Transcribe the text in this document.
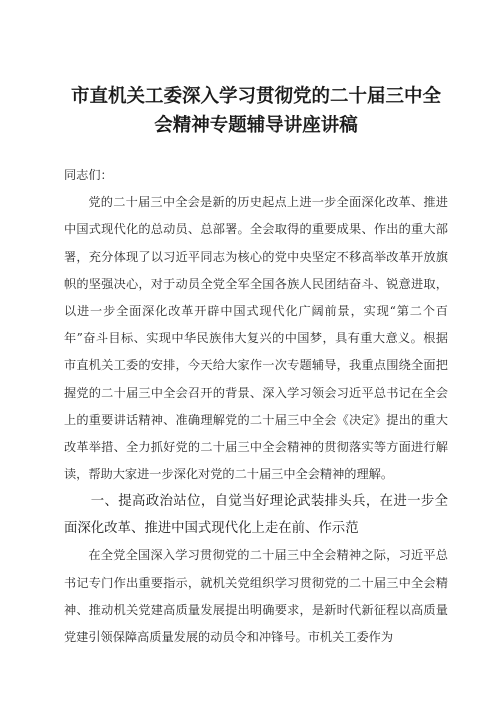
市直机关工委深入学习贯彻党的二十届三中全
会精神专题辅导讲座讲稿

同志们：

党的二十届三中全会是新的历史起点上进一步全面深化改革、推进中国式现代化的总动员、总部署。全会取得的重要成果、作出的重大部署，充分体现了以习近平同志为核心的党中央坚定不移高举改革开放旗帜的坚强决心，对于动员全党全军全国各族人民团结奋斗、锐意进取，以进一步全面深化改革开辟中国式现代化广阔前景，实现“第二个百年”奋斗目标、实现中华民族伟大复兴的中国梦，具有重大意义。根据市直机关工委的安排，今天给大家作一次专题辅导，我重点围绕全面把握党的二十届三中全会召开的背景、深入学习领会习近平总书记在全会上的重要讲话精神、准确理解党的二十届三中全会《决定》提出的重大改革举措、全力抓好党的二十届三中全会精神的贯彻落实等方面进行解读，帮助大家进一步深化对党的二十届三中全会精神的理解。

一、提高政治站位，自觉当好理论武装排头兵，在进一步全面深化改革、推进中国式现代化上走在前、作示范

在全党全国深入学习贯彻党的二十届三中全会精神之际，习近平总书记专门作出重要指示，就机关党组织学习贯彻党的二十届三中全会精神、推动机关党建高质量发展提出明确要求，是新时代新征程以高质量党建引领保障高质量发展的动员令和冲锋号。市机关工委作为
